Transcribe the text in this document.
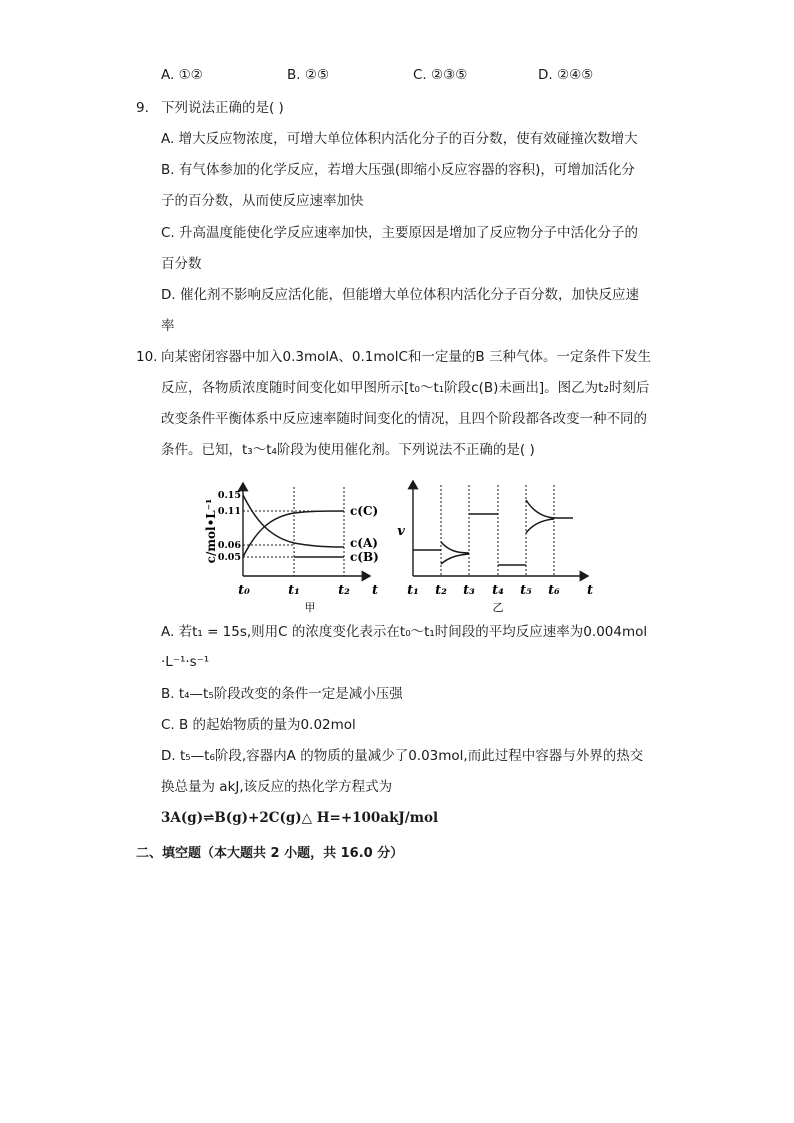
A. ①②	B. ②⑤	C. ②③⑤	D. ②④⑤
9. 下列说法正确的是( )
A. 增大反应物浓度，可增大单位体积内活化分子的百分数，使有效碰撞次数增大
B. 有气体参加的化学反应，若增大压强(即缩小反应容器的容积)，可增加活化分
子的百分数，从而使反应速率加快
C. 升高温度能使化学反应速率加快，主要原因是增加了反应物分子中活化分子的
百分数
D. 催化剂不影响反应活化能，但能增大单位体积内活化分子百分数，加快反应速
率
10. 向某密闭容器中加入0.3molA、0.1molC和一定量的B 三种气体。一定条件下发生
反应，各物质浓度随时间变化如甲图所示[t₀～t₁阶段c(B)未画出]。图乙为t₂时刻后
改变条件平衡体系中反应速率随时间变化的情况，且四个阶段都各改变一种不同的
条件。已知，t₃～t₄阶段为使用催化剂。下列说法不正确的是( )
c/mol•L⁻¹
0.15
0.11
0.06
0.05
c(C)
c(A)
c(B)
t₀	t₁	t₂ t
甲
v
t₁ t₂ t₃ t₄ t₅ t₆ t
乙
A. 若t₁ = 15s,则用C 的浓度变化表示在t₀～t₁时间段的平均反应速率为0.004mol
·L⁻¹·s⁻¹
B. t₄—t₅阶段改变的条件一定是减小压强
C. B 的起始物质的量为0.02mol
D. t₅—t₆阶段,容器内A 的物质的量减少了0.03mol,而此过程中容器与外界的热交
换总量为 akJ,该反应的热化学方程式为
3A(g)⇌B(g)+2C(g)△ H=+100akJ/mol
二、填空题（本大题共 2 小题，共 16.0 分）
